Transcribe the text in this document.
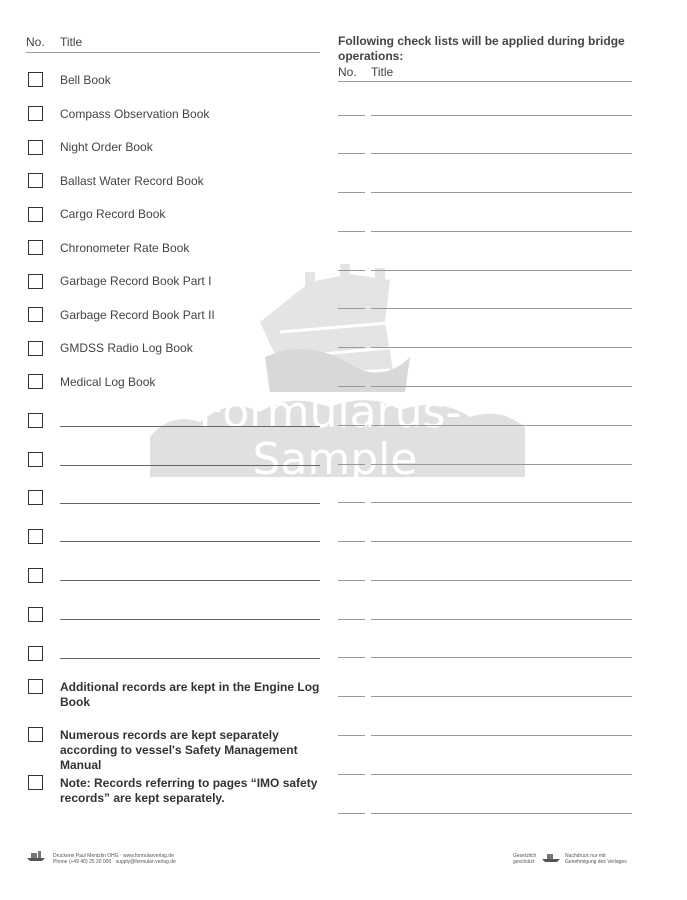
No. Title	Following check lists will be applied during bridge operations:
No. Title
Formularus-
Sample
Bell Book
Compass Observation Book
Night Order Book
Ballast Water Record Book
Cargo Record Book
Chronometer Rate Book
Garbage Record Book Part I
Garbage Record Book Part II
GMDSS Radio Log Book
Medical Log Book
Additional records are kept in the Engine Log Book
Numerous records are kept separately according to vessel's Safety Management Manual
Note: Records referring to pages “IMO safety records” are kept separately.
Druckerei Paul Mentzlin OHG · www.formularverlag.de
Phone (+49 40) 25 20 000 · supply@formular-verlag.de
Gesetzlich
geschützt
Nachdruck nur mit
Genehmigung des Verlages
